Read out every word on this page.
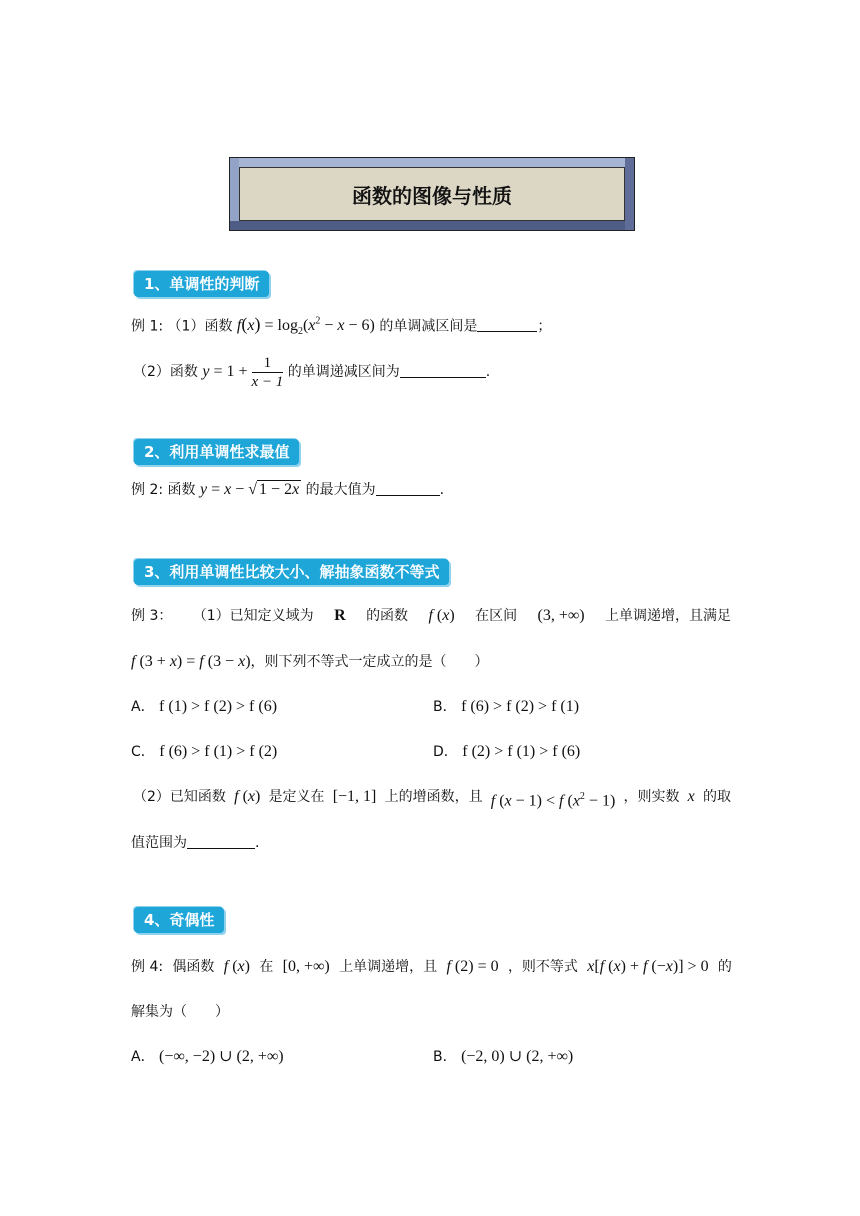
函数的图像与性质
1、单调性的判断
例 1: （1）函数 $f(x) = \log_2(x^2 - x - 6)$ 的单调减区间是	；
（2）函数 $y = 1 + \frac{1}{x - 1}$ 的单调递减区间为	.
2、利用单调性求最值
例 2: 函数 y = x − √ 1 − 2x 的最大值为	.
3、利用单调性比较大小、解抽象函数不等式
例 3： （1）已知定义域为 R 的函数 f (x) 在区间 (3, +∞) 上单调递增，且满足
f (3 + x) = f (3 − x)，则下列不等式一定成立的是（　　）
A． f (1) > f (2) > f (6)	B． f (6) > f (2) > f (1)
C． f (6) > f (1) > f (2)	D． f (2) > f (1) > f (6)
（2）已知函数 f (x) 是定义在 [−1, 1] 上的增函数，且 f (x − 1) < f $(x^2 - 1)$ ，则实数 x 的取
值范围为	.
4、奇偶性
例 4: 偶函数 f (x) 在 [0, +∞) 上单调递增，且 f (2) = 0 ，则不等式 x[f (x) + f (−x)] > 0 的
解集为（　　）
A． (−∞, −2) ∪ (2, +∞)	B． (−2, 0) ∪ (2, +∞)
